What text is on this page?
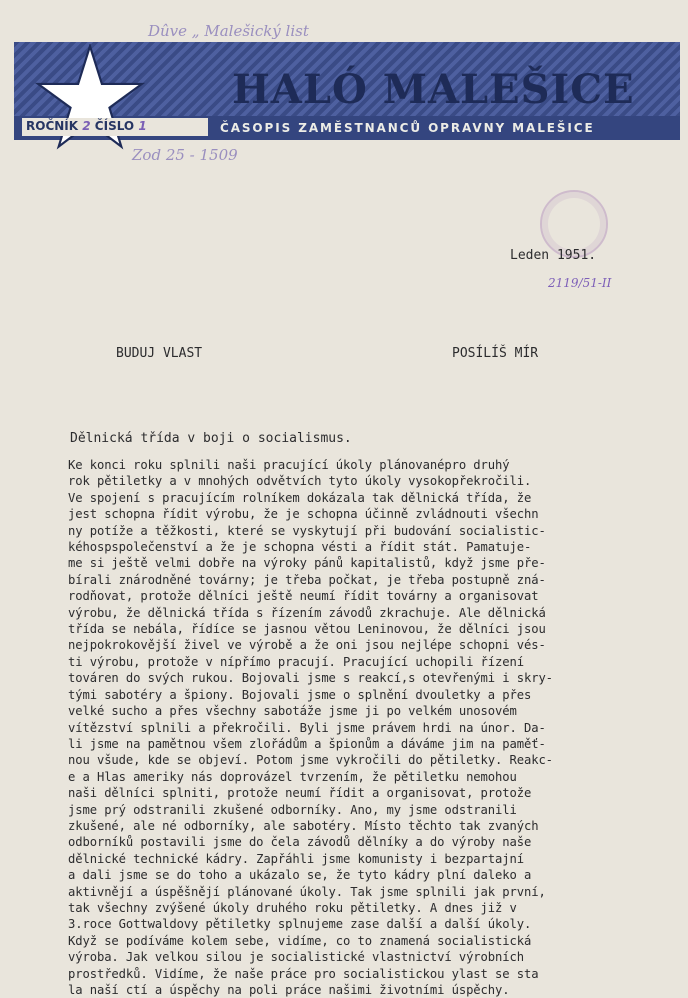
Dûve „ Malešický list
HALÓ MALEŠICE
ROČNÍK 2 ČÍSLO 1	ČASOPIS ZAMĚSTNANCŮ OPRAVNY MALEŠICE
Zod 25 - 1509
Leden 1951.
2119/51-II
BUDUJ VLAST	POSÍLÍŠ MÍR
Dělnická třída v boji o socialismus.
Ke konci roku splnili naši pracující úkoly plánovanépro druhý
rok pětiletky a v mnohých odvětvích tyto úkoly vysokopřekročili.
Ve spojení s pracujícím rolníkem dokázala tak dělnická třída, že
jest schopna řídit výrobu, že je schopna účinně zvládnouti všechn
ny potíže a těžkosti, které se vyskytují při budování socialistic-
kéhospspolečenství a že je schopna vésti a řídit stát. Pamatuje-
me si ještě velmi dobře na výroky pánů kapitalistů, když jsme pře-
bírali znárodněné továrny; je třeba počkat, je třeba postupně zná-
rodňovat, protože dělníci ještě neumí řídit továrny a organisovat
výrobu, že dělnická třída s řízením závodů zkrachuje. Ale dělnická
třída se nebála, řídíce se jasnou větou Leninovou, že dělníci jsou
nejpokrokovější živel ve výrobě a že oni jsou nejlépe schopni vés-
ti výrobu, protože v nípřímo pracují. Pracující uchopili řízení
továren do svých rukou. Bojovali jsme s reakcí,s otevřenými i skry-
tými sabotéry a špiony. Bojovali jsme o splnění dvouletky a přes
velké sucho a přes všechny sabotáže jsme ji po velkém unosovém
vítězství splnili a překročili. Byli jsme právem hrdi na únor. Da-
li jsme na pamětnou všem zlořádům a špionům a dáváme jim na paměť-
nou všude, kde se objeví. Potom jsme vykročili do pětiletky. Reakc-
e a Hlas ameriky nás doprovázel tvrzením, že pětiletku nemohou
naši dělníci splniti, protože neumí řídit a organisovat, protože
jsme prý odstranili zkušené odborníky. Ano, my jsme odstranili
zkušené, ale né odborníky, ale sabotéry. Místo těchto tak zvaných
odborníků postavili jsme do čela závodů dělníky a do výroby naše
dělnické technické kádry. Zapřáhli jsme komunisty i bezpartajní
a dali jsme se do toho a ukázalo se, že tyto kádry plní daleko a
aktivnějí a úspěšnějí plánované úkoly. Tak jsme splnili jak první,
tak všechny zvýšené úkoly druhého roku pětiletky. A dnes již v
3.roce Gottwaldovy pětiletky splnujeme zase další a další úkoly.
Když se podíváme kolem sebe, vidíme, co to znamená socialistická
výroba. Jak velkou silou je socialistické vlastnictví výrobních
prostředků. Vidíme, že naše práce pro socialistickou ylast se sta
la naší ctí a úspěchy na poli práce našimi životními úspěchy.
